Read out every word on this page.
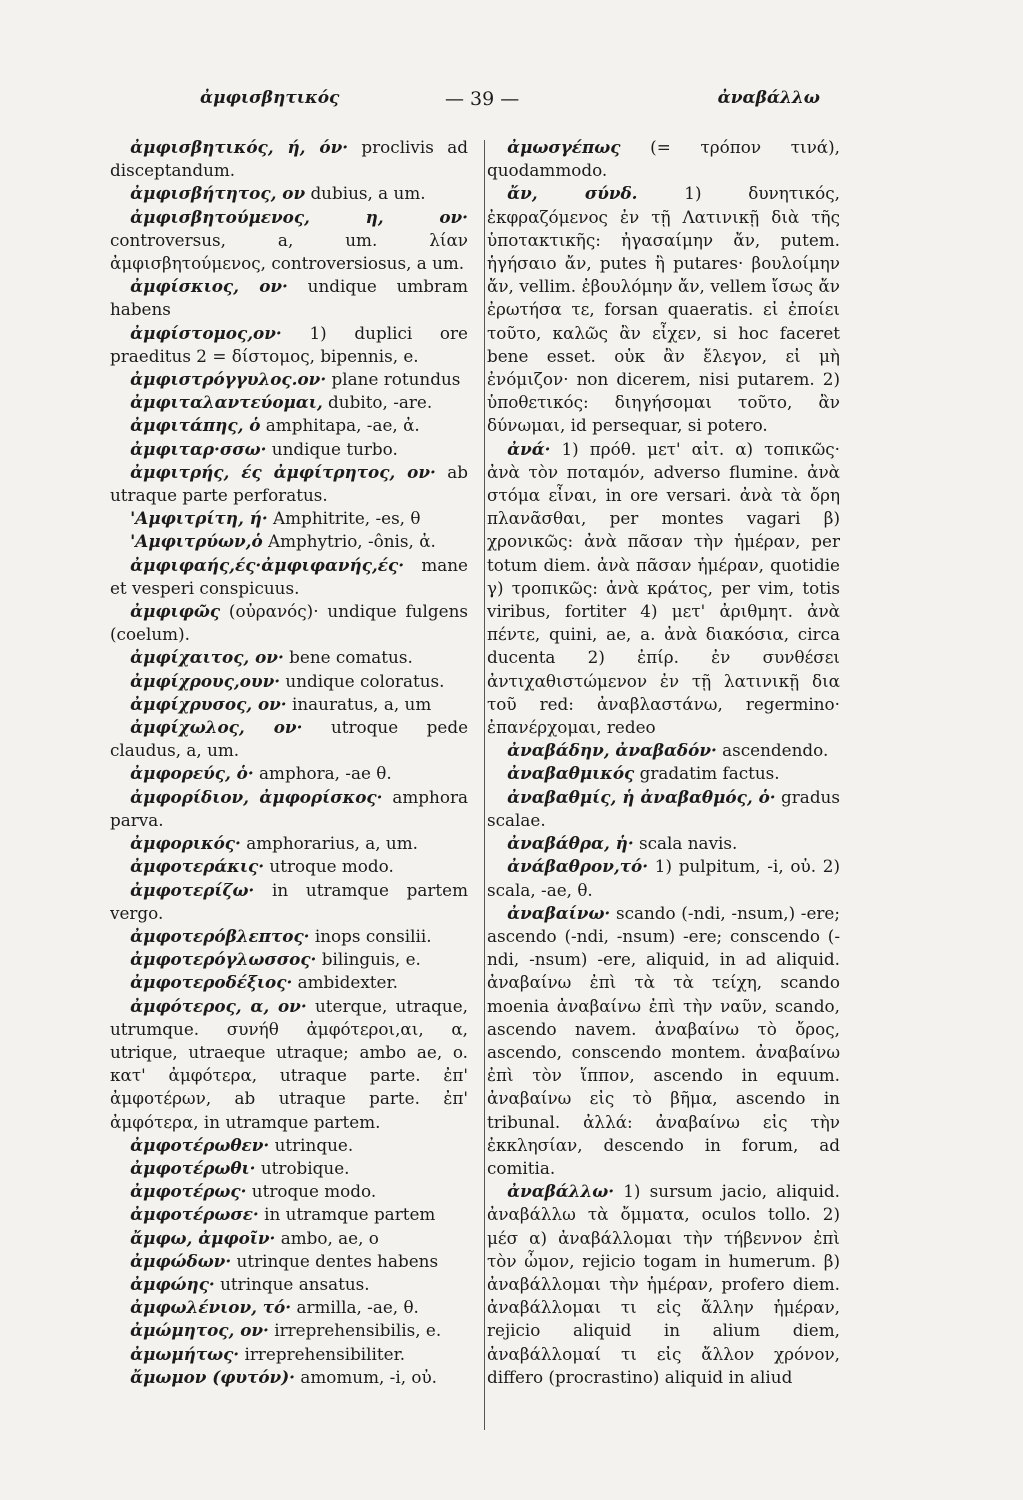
ἀμφισβητικός	— 39 —	ἀναβάλλω

ἀμφισβητικός, ή, όν· proclivis ad disceptandum.

ἀμφισβήτητος, ον dubius, a um.

ἀμφισβητούμενος, η, ον· controversus, a, um. λίαν ἀμφισβητούμενος, controversiosus, a um.

ἀμφίσκιος, ον· undique umbram habens

ἀμφίστομος,ον· 1) duplici ore praeditus 2 = δίστομος, bipennis, e.

ἀμφιστρόγγυλος.ον· plane rotundus

ἀμφιταλαντεύομαι, dubito, -are.

ἀμφιτάπης, ὁ amphitapa, -ae, ἀ.

ἀμφιταρ·σσω· undique turbo.

ἀμφιτρής, ές ἀμφίτρητος, ον· ab utraque parte perforatus.

'Αμφιτρίτη, ή· Amphitrite, -es, θ

'Αμφιτρύων,ὁ Amphytrio, -ônis, ἀ.

ἀμφιφαής,ές·ἀμφιφανής,ές· mane et vesperi conspicuus.

ἀμφιφῶς (οὐρανός)· undique fulgens (coelum).

ἀμφίχαιτος, ον· bene comatus.

ἀμφίχρους,ουν· undique coloratus.

ἀμφίχρυσος, ον· inauratus, a, um

ἀμφίχωλος, ον· utroque pede claudus, a, um.

ἀμφορεύς, ὁ· amphora, -ae θ.

ἀμφορίδιον, ἀμφορίσκος· amphora parva.

ἀμφορικός· amphorarius, a, um.

ἀμφοτεράκις· utroque modo.

ἀμφοτερίζω· in utramque partem vergo.

ἀμφοτερόβλεπτος· inops consilii.

ἀμφοτερόγλωσσος· bilinguis, e.

ἀμφοτεροδέξιος· ambidexter.

ἀμφότερος, α, ον· uterque, utraque, utrumque. συνήθ ἀμφότεροι,αι, α, utrique, utraeque utraque; ambo ae, o. κατ' ἀμφότερα, utraque parte. ἐπ' ἀμφοτέρων, ab utraque parte. ἐπ' ἀμφότερα, in utramque partem.

ἀμφοτέρωθεν· utrinque.

ἀμφοτέρωθι· utrobique.

ἀμφοτέρως· utroque modo.

ἀμφοτέρωσε· in utramque partem

ἄμφω, ἀμφοῖν· ambo, ae, o

ἀμφώδων· utrinque dentes habens

ἀμφώης· utrinque ansatus.

ἀμφωλένιον, τό· armilla, -ae, θ.

ἀμώμητος, ον· irreprehensibilis, e.

ἀμωμήτως· irreprehensibiliter.

ἄμωμον (φυτόν)· amomum, -i, οὐ.

ἀμωσγέπως (= τρόπον τινά), quodammodo.

ἄν, σύνδ.	1) δυνητικός, ἐκφραζόμενος ἐν τῇ Λατινικῇ διὰ τῆς ὑποτακτικῆς: ἠγασαίμην ἄν, putem. ἡγήσαιο ἄν, putes ἢ putares· βουλοίμην ἄν, vellim. ἐβουλόμην ἄν, vellem ἴσως ἄν ἐρωτήσα τε, forsan quaeratis. εἰ ἐποίει τοῦτο, καλῶς ἂν εἶχεν, si hoc faceret bene esset. οὐκ ἂν ἔλεγον, εἰ μὴ ἐνόμιζον· non dicerem, nisi putarem. 2) ὑποθετικός: διηγήσομαι τοῦτο, ἂν δύνωμαι, id persequar, si potero.

ἀνά· 1) πρόθ. μετ' αἰτ. α) τοπικῶς· ἀνὰ τὸν ποταμόν, adverso flumine. ἀνὰ στόμα εἶναι, in ore versari. ἀνὰ τὰ ὄρη πλανᾶσθαι, per montes vagari β) χρονικῶς: ἀνὰ πᾶσαν τὴν ἡμέραν, per totum diem. ἀνὰ πᾶσαν ἡμέραν, quotidie γ) τροπικῶς: ἀνὰ κράτος, per vim, totis viribus, fortiter 4) μετ' ἀριθμητ. ἀνὰ πέντε, quini, ae, a. ἀνὰ διακόσια, circa ducenta 2) ἐπίρ. ἐν συνθέσει ἀντιχαθιστώμενον ἐν τῇ λατινικῇ δια τοῦ red: ἀναβλαστάνω, regermino· ἐπανέρχομαι, redeo

ἀναβάδην, ἀναβαδόν· ascendendo.

ἀναβαθμικός gradatim factus.

ἀναβαθμίς, ἡ ἀναβαθμός, ὁ· gradus scalae.

ἀναβάθρα, ἡ· scala navis.

ἀνάβαθρον,τό· 1) pulpitum, -i, οὐ. 2) scala, -ae, θ.

ἀναβαίνω· scando (-ndi, -nsum,) -ere; ascendo (-ndi, -nsum) -ere; conscendo (-ndi, -nsum) -ere, aliquid, in ad aliquid. ἀναβαίνω ἐπὶ τὰ τὰ τείχη, scando moenia ἀναβαίνω ἐπὶ τὴν ναῦν, scando, ascendo navem. ἀναβαίνω τὸ ὄρος, ascendo, conscendo montem. ἀναβαίνω ἐπὶ τὸν ἵππον, ascendo in equum. ἀναβαίνω εἰς τὸ βῆμα, ascendo in tribunal. ἀλλά: ἀναβαίνω εἰς τὴν ἐκκλησίαν, descendo in forum, ad comitia.

ἀναβάλλω· 1) sursum jacio, aliquid. ἀναβάλλω τὰ ὄμματα, oculos tollo. 2) μέσ α) ἀναβάλλομαι τὴν τήβεννον ἐπὶ τὸν ὦμον, rejicio togam in humerum. β) ἀναβάλλομαι τὴν ἡμέραν, profero diem. ἀναβάλλομαι τι εἰς ἄλλην ἡμέραν, rejicio aliquid in alium diem, ἀναβάλλομαί τι εἰς ἄλλον χρόνον, differo (procrastino) aliquid in aliud
